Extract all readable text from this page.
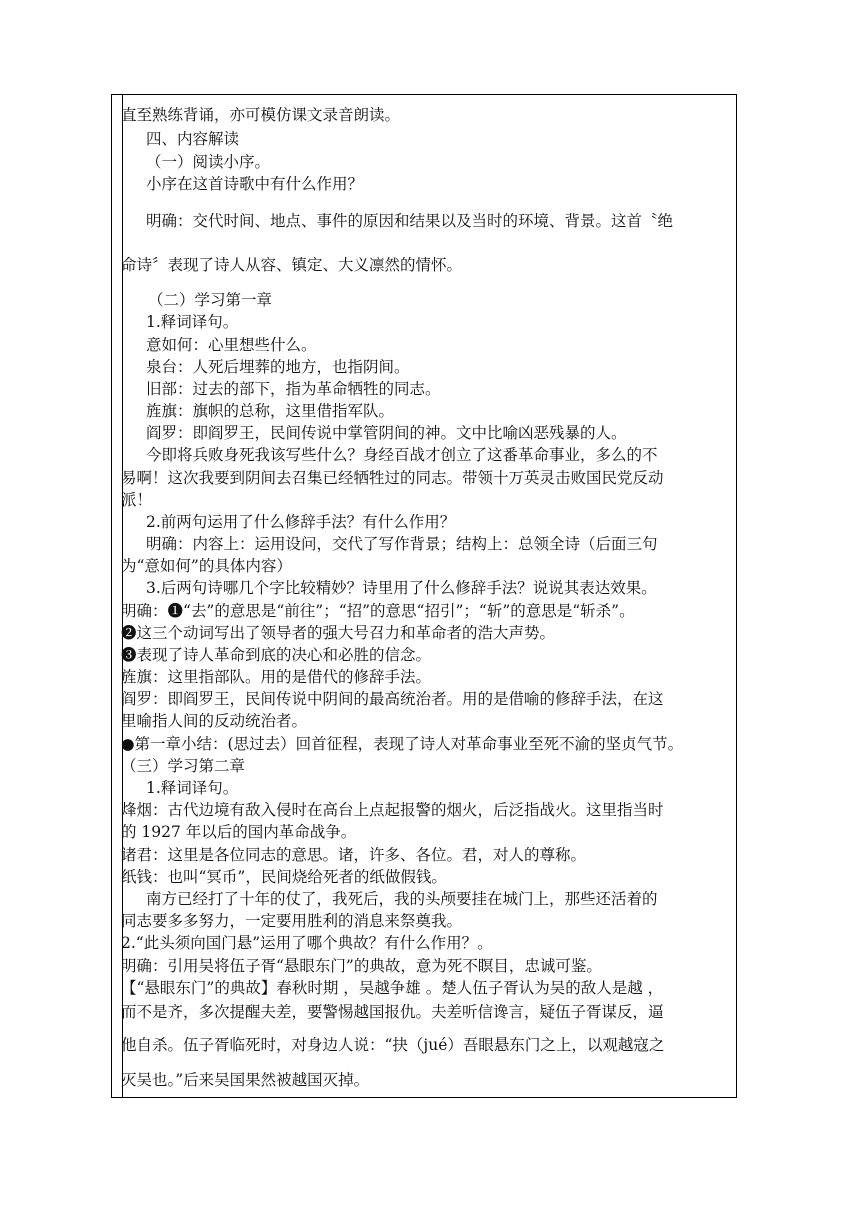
直至熟练背诵，亦可模仿课文录音朗读。
四、内容解读
（一）阅读小序。
小序在这首诗歌中有什么作用？
明确：交代时间、地点、事件的原因和结果以及当时的环境、背景。这首〝绝
命诗〞表现了诗人从容、镇定、大义凛然的情怀。
（二）学习第一章
1.释词译句。
意如何：心里想些什么。
泉台：人死后埋葬的地方，也指阴间。
旧部：过去的部下，指为革命牺牲的同志。
旌旗：旗帜的总称，这里借指军队。
阎罗：即阎罗王，民间传说中掌管阴间的神。文中比喻凶恶残暴的人。
今即将兵败身死我该写些什么？身经百战才创立了这番革命事业，多么的不
易啊！这次我要到阴间去召集已经牺牲过的同志。带领十万英灵击败国民党反动
派！
2.前两句运用了什么修辞手法？有什么作用？
明确：内容上：运用设问，交代了写作背景；结构上：总领全诗（后面三句
为“意如何”的具体内容）
3.后两句诗哪几个字比较精妙？诗里用了什么修辞手法？说说其表达效果。
明确：❶“去”的意思是“前往”；“招”的意思“招引”；“斩”的意思是“斩杀”。
❷这三个动词写出了领导者的强大号召力和革命者的浩大声势。
❸表现了诗人革命到底的决心和必胜的信念。
旌旗：这里指部队。用的是借代的修辞手法。
阎罗：即阎罗王，民间传说中阴间的最高统治者。用的是借喻的修辞手法，在这
里喻指人间的反动统治者。
●第一章小结：(思过去）回首征程，表现了诗人对革命事业至死不渝的坚贞气节。
（三）学习第二章
1.释词译句。
烽烟：古代边境有敌入侵时在高台上点起报警的烟火，后泛指战火。这里指当时
的 1927 年以后的国内革命战争。
诸君：这里是各位同志的意思。诸，许多、各位。君，对人的尊称。
纸钱：也叫“冥币”，民间烧给死者的纸做假钱。
南方已经打了十年的仗了，我死后，我的头颅要挂在城门上，那些还活着的
同志要多多努力，一定要用胜利的消息来祭奠我。
2.“此头须向国门悬”运用了哪个典故？有什么作用？。
明确：引用吴将伍子胥“悬眼东门”的典故，意为死不瞑目，忠诚可鉴。
【“悬眼东门”的典故】春秋时期 ，吴越争雄 。楚人伍子胥认为吴的敌人是越 ，
而不是齐，多次提醒夫差，要警惕越国报仇。夫差听信谗言，疑伍子胥谋反，逼
他自杀。伍子胥临死时，对身边人说：“抉（jué）吾眼悬东门之上，以观越寇之
灭吴也。”后来吴国果然被越国灭掉。
